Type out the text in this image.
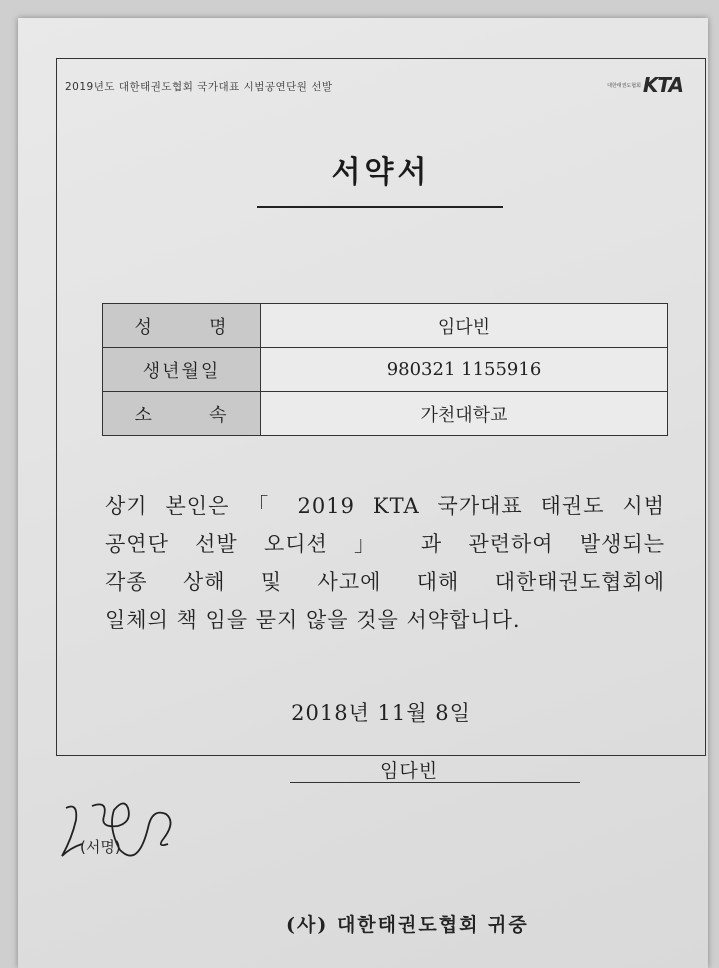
2019년도 대한태권도협회 국가대표 시범공연단원 선발	대한태권도협회 KTA
서약서
성 명	임다빈
생년월일	980321 1155916

소 속	가천대학교

상기 본인은 「 2019 KTA 국가대표 태권도 시범

공연단 선발 오디션 」 과 관련하여 발생되는

각종 상해 및 사고에 대해 대한태권도협회에

일체의 책 임을 묻지 않을 것을 서약합니다.

2018년 11월 8일
임다빈
(서명)
(사) 대한태권도협회 귀중
